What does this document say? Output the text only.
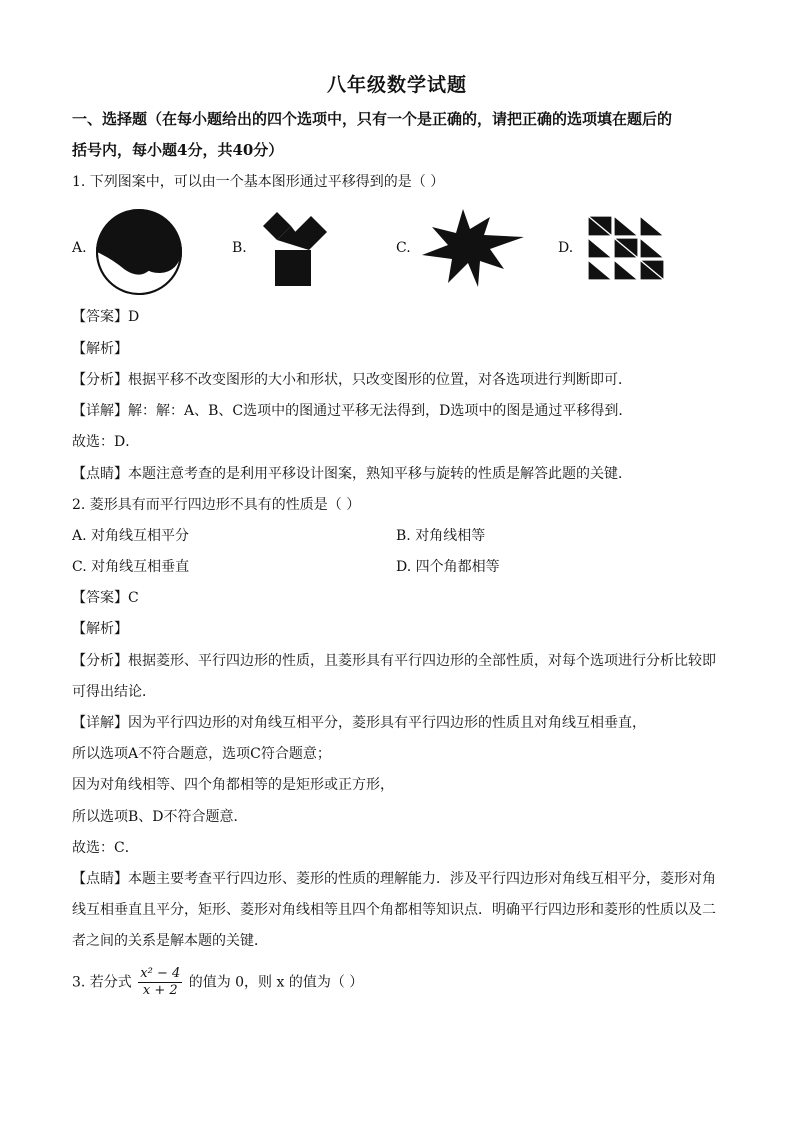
八年级数学试题
一、选择题（在每小题给出的四个选项中，只有一个是正确的，请把正确的选项填在题后的
括号内，每小题4分，共40分）
1. 下列图案中，可以由一个基本图形通过平移得到的是（ ）
A.	B.	C.	D.
【答案】D
【解析】
【分析】根据平移不改变图形的大小和形状，只改变图形的位置，对各选项进行判断即可．
【详解】解：解：A、B、C选项中的图通过平移无法得到，D选项中的图是通过平移得到．
故选：D．
【点睛】本题注意考查的是利用平移设计图案，熟知平移与旋转的性质是解答此题的关键．
2. 菱形具有而平行四边形不具有的性质是（ ）
A. 对角线互相平分	B. 对角线相等
C. 对角线互相垂直	D. 四个角都相等
【答案】C
【解析】
【分析】根据菱形、平行四边形的性质，且菱形具有平行四边形的全部性质，对每个选项进行分析比较即
可得出结论．
【详解】因为平行四边形的对角线互相平分，菱形具有平行四边形的性质且对角线互相垂直，
所以选项A不符合题意，选项C符合题意；
因为对角线相等、四个角都相等的是矩形或正方形，
所以选项B、D不符合题意．
故选：C．
【点睛】本题主要考查平行四边形、菱形的性质的理解能力．涉及平行四边形对角线互相平分，菱形对角
线互相垂直且平分，矩形、菱形对角线相等且四个角都相等知识点．明确平行四边形和菱形的性质以及二
者之间的关系是解本题的关键．
3. 若分式 $\frac{\text{x² − 4}}{x + 2}$ 的值为 0，则 x 的值为（ ）
